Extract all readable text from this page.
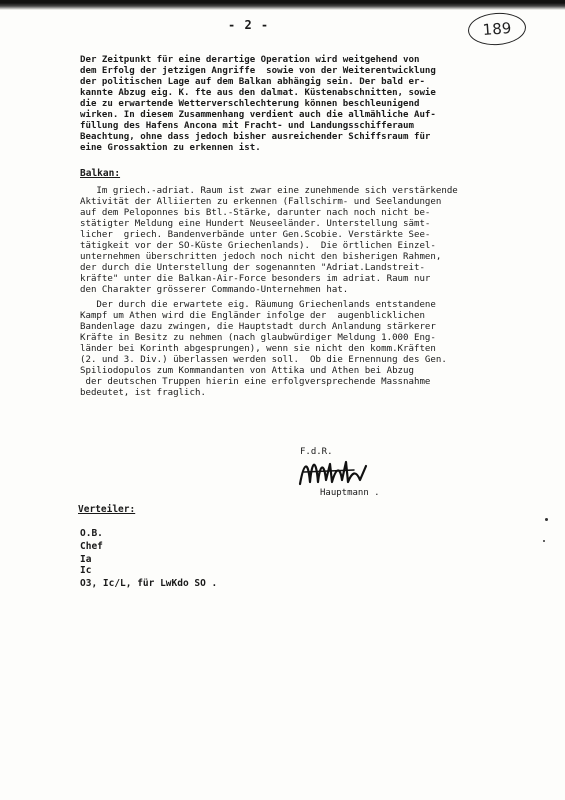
- 2 -	189
Der Zeitpunkt für eine derartige Operation wird weitgehend von
dem Erfolg der jetzigen Angriffe  sowie von der Weiterentwicklung
der politischen Lage auf dem Balkan abhängig sein. Der bald er-
kannte Abzug eig. K. fte aus den dalmat. Küstenabschnitten, sowie
die zu erwartende Wetterverschlechterung können beschleunigend
wirken. In diesem Zusammenhang verdient auch die allmähliche Auf-
füllung des Hafens Ancona mit Fracht- und Landungsschifferaum
Beachtung, ohne dass jedoch bisher ausreichender Schiffsraum für
eine Grossaktion zu erkennen ist.
Balkan:
Im griech.-adriat. Raum ist zwar eine zunehmende sich verstärkende
Aktivität der Alliierten zu erkennen (Fallschirm- und Seelandungen
auf dem Peloponnes bis Btl.-Stärke, darunter nach noch nicht be-
stätigter Meldung eine Hundert Neuseeländer. Unterstellung sämt-
licher  griech. Bandenverbände unter Gen.Scobie. Verstärkte See-
tätigkeit vor der SO-Küste Griechenlands).  Die örtlichen Einzel-
unternehmen überschritten jedoch noch nicht den bisherigen Rahmen,
der durch die Unterstellung der sogenannten "Adriat.Landstreit-
kräfte" unter die Balkan-Air-Force besonders im adriat. Raum nur
den Charakter grösserer Commando-Unternehmen hat.
Der durch die erwartete eig. Räumung Griechenlands entstandene
Kampf um Athen wird die Engländer infolge der  augenblicklichen
Bandenlage dazu zwingen, die Hauptstadt durch Anlandung stärkerer
Kräfte in Besitz zu nehmen (nach glaubwürdiger Meldung 1.000 Eng-
länder bei Korinth abgesprungen), wenn sie nicht den komm.Kräften
(2. und 3. Div.) überlassen werden soll.  Ob die Ernennung des Gen.
Spiliodopulos zum Kommandanten von Attika und Athen bei Abzug
der deutschen Truppen hierin eine erfolgversprechende Massnahme
bedeutet, ist fraglich.
F.d.R.
Hauptmann .
Verteiler:
O.B.
Chef
Ia
Ic
O3, Ic/L, für LwKdo SO .
